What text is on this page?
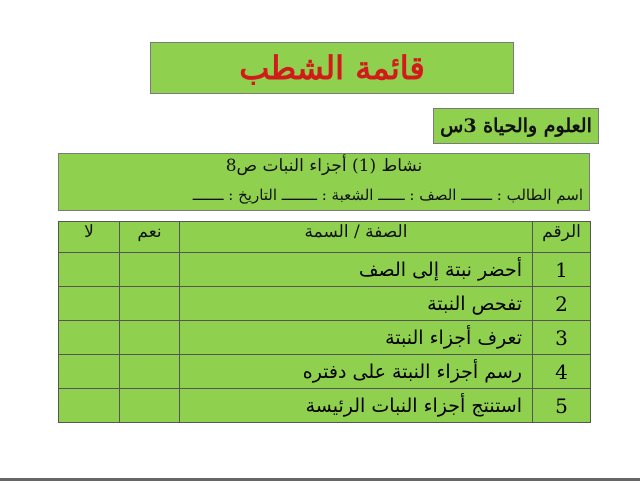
قائمة الشطب
العلوم والحياة 3س
نشاط (1) أجزاء النبات ص8
اسم الطالب : ـــــــ الصف : ــــــ الشعبة : ــــــــ التاريخ : ـــــــ
الرقم	الصفة / السمة	نعم	لا
1	أحضر نبتة إلى الصف		
2	تفحص النبتة		
3	تعرف أجزاء النبتة		
4	رسم أجزاء النبتة على دفتره		
5	استنتج أجزاء النبات الرئيسة		
